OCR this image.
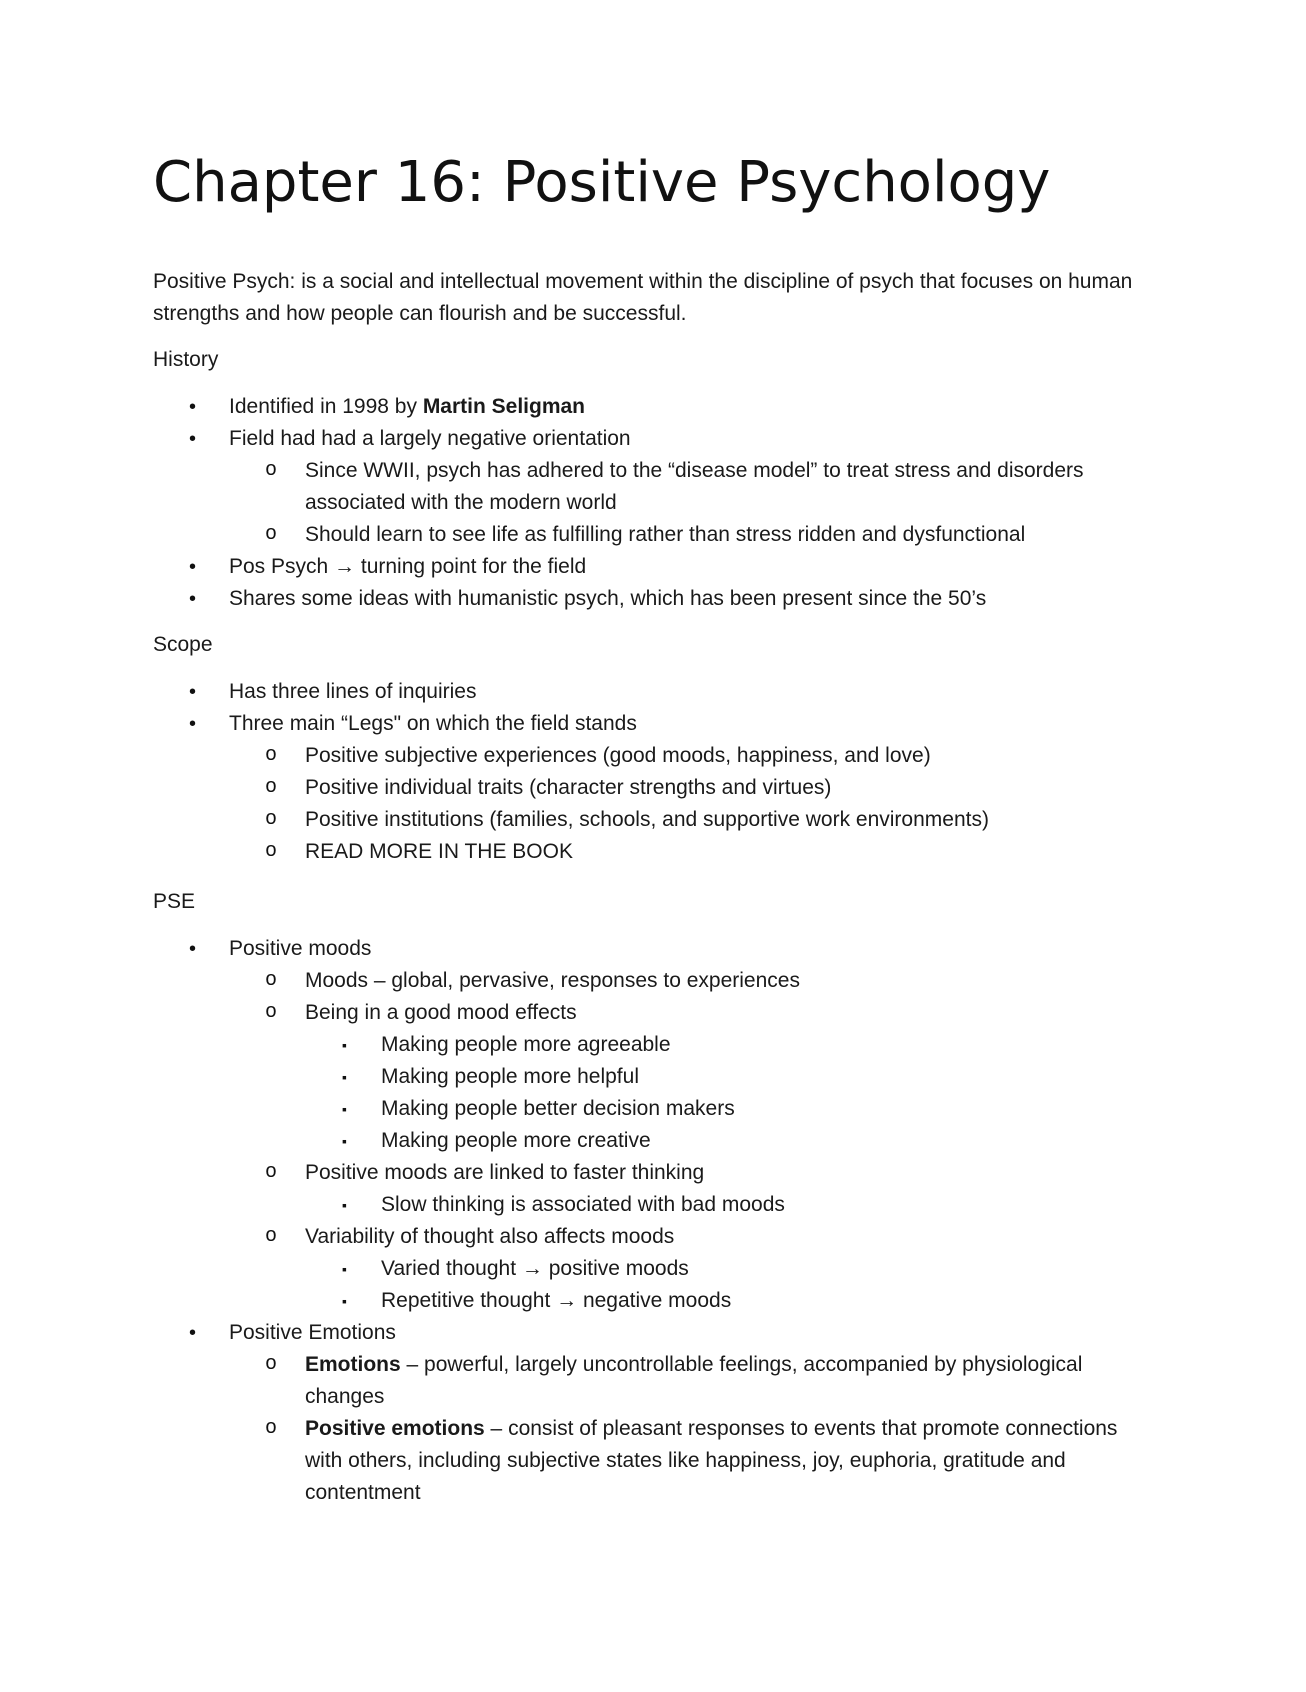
Chapter 16: Positive Psychology

Positive Psych: is a social and intellectual movement within the discipline of psych that focuses on human strengths and how people can flourish and be successful.

History

• Identified in 1998 by Martin Seligman
• Field had had a largely negative orientation
o Since WWII, psych has adhered to the “disease model” to treat stress and disorders associated with the modern world
o Should learn to see life as fulfilling rather than stress ridden and dysfunctional
• Pos Psych → turning point for the field
• Shares some ideas with humanistic psych, which has been present since the 50’s

Scope

• Has three lines of inquiries
• Three main “Legs" on which the field stands
o Positive subjective experiences (good moods, happiness, and love)
o Positive individual traits (character strengths and virtues)
o Positive institutions (families, schools, and supportive work environments)
o READ MORE IN THE BOOK

PSE

• Positive moods
o Moods – global, pervasive, responses to experiences
o Being in a good mood effects
▪ Making people more agreeable
▪ Making people more helpful
▪ Making people better decision makers
▪ Making people more creative
o Positive moods are linked to faster thinking
▪ Slow thinking is associated with bad moods
o Variability of thought also affects moods
▪ Varied thought → positive moods
▪ Repetitive thought → negative moods
• Positive Emotions
o Emotions – powerful, largely uncontrollable feelings, accompanied by physiological changes
o Positive emotions – consist of pleasant responses to events that promote connections with others, including subjective states like happiness, joy, euphoria, gratitude and contentment
